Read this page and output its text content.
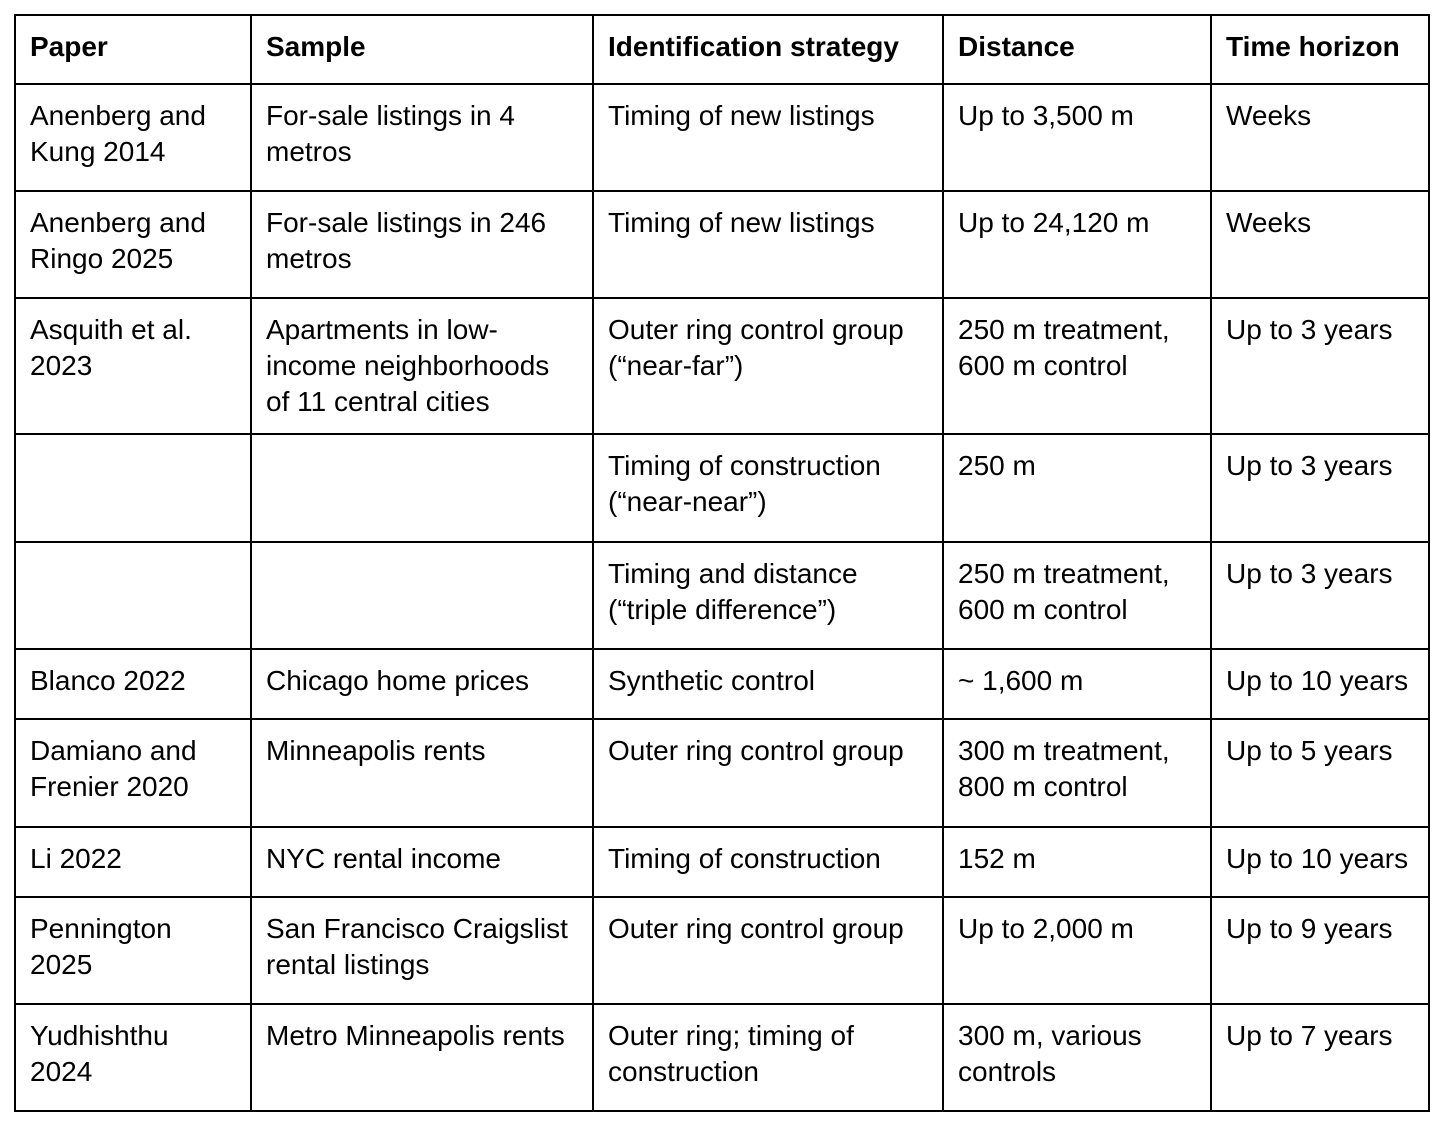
Paper	Sample	Identification strategy	Distance	Time horizon
Anenberg and Kung 2014	For-sale listings in 4 metros	Timing of new listings	Up to 3,500 m	Weeks
Anenberg and Ringo 2025	For-sale listings in 246 metros	Timing of new listings	Up to 24,120 m	Weeks
Asquith et al. 2023	Apartments in low-income neighborhoods of 11 central cities	Outer ring control group (“near-far”)	250 m treatment, 600 m control	Up to 3 years
		Timing of construction (“near-near”)	250 m	Up to 3 years
		Timing and distance (“triple difference”)	250 m treatment, 600 m control	Up to 3 years
Blanco 2022	Chicago home prices	Synthetic control	~ 1,600 m	Up to 10 years
Damiano and Frenier 2020	Minneapolis rents	Outer ring control group	300 m treatment, 800 m control	Up to 5 years
Li 2022	NYC rental income	Timing of construction	152 m	Up to 10 years
Pennington 2025	San Francisco Craigslist rental listings	Outer ring control group	Up to 2,000 m	Up to 9 years
Yudhishthu 2024	Metro Minneapolis rents	Outer ring; timing of construction	300 m, various controls	Up to 7 years
